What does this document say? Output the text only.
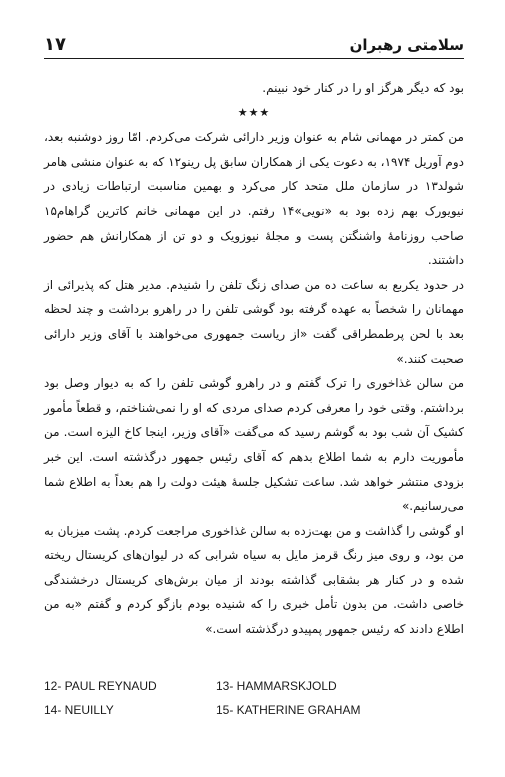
۱۷	سلامتی رهبران

بود که دیگر هرگز او را در کنار خود نبینم.

★★★

من کمتر در مهمانی شام به عنوان وزیر دارائی شرکت می‌کردم. امّا روز دوشنبه بعد، دوم آوریل ۱۹۷۴، به دعوت یکی از همکاران سابق پل رینو۱۲ که به عنوان منشی هامر شولد۱۳ در سازمان ملل متحد کار می‌کرد و بهمین مناسبت ارتباطات زیادی در نیویورک بهم زده بود به «نویی»۱۴ رفتم. در این مهمانی خانم کاترین گراهام۱۵ صاحب روزنامهٔ واشنگتن پست و مجلهٔ نیوزویک و دو تن از همکارانش هم حضور داشتند.

در حدود یکربع به ساعت ده من صدای زنگ تلفن را شنیدم. مدیر هتل که پذیرائی از مهمانان را شخصاً به عهده گرفته بود گوشی تلفن را در راهرو برداشت و چند لحظه بعد با لحن پرطمطراقی گفت «از ریاست جمهوری می‌خواهند با آقای وزیر دارائی صحبت کنند.»

من سالن غذاخوری را ترک گفتم و در راهرو گوشی تلفن را که به دیوار وصل بود برداشتم. وقتی خود را معرفی کردم صدای مردی که او را نمی‌شناختم، و قطعاً مأمور کشیک آن شب بود به گوشم رسید که می‌گفت «آقای وزیر، اینجا کاخ الیزه است. من مأموریت دارم به شما اطلاع بدهم که آقای رئیس جمهور درگذشته است. این خبر بزودی منتشر خواهد شد. ساعت تشکیل جلسهٔ هیئت دولت را هم بعداً به اطلاع شما می‌رسانیم.»

او گوشی را گذاشت و من بهت‌زده به سالن غذاخوری مراجعت کردم. پشت میزبان به من بود، و روی میز رنگ قرمز مایل به سیاه شرابی که در لیوان‌های کریستال ریخته شده و در کنار هر بشقابی گذاشته بودند از میان برش‌های کریستال درخشندگی خاصی داشت. من بدون تأمل خبری را که شنیده بودم بازگو کردم و گفتم «به من اطلاع دادند که رئیس جمهور پمپیدو درگذشته است.»

12- PAUL REYNAUD	13- HAMMARSKJOLD
14- NEUILLY	15- KATHERINE GRAHAM
